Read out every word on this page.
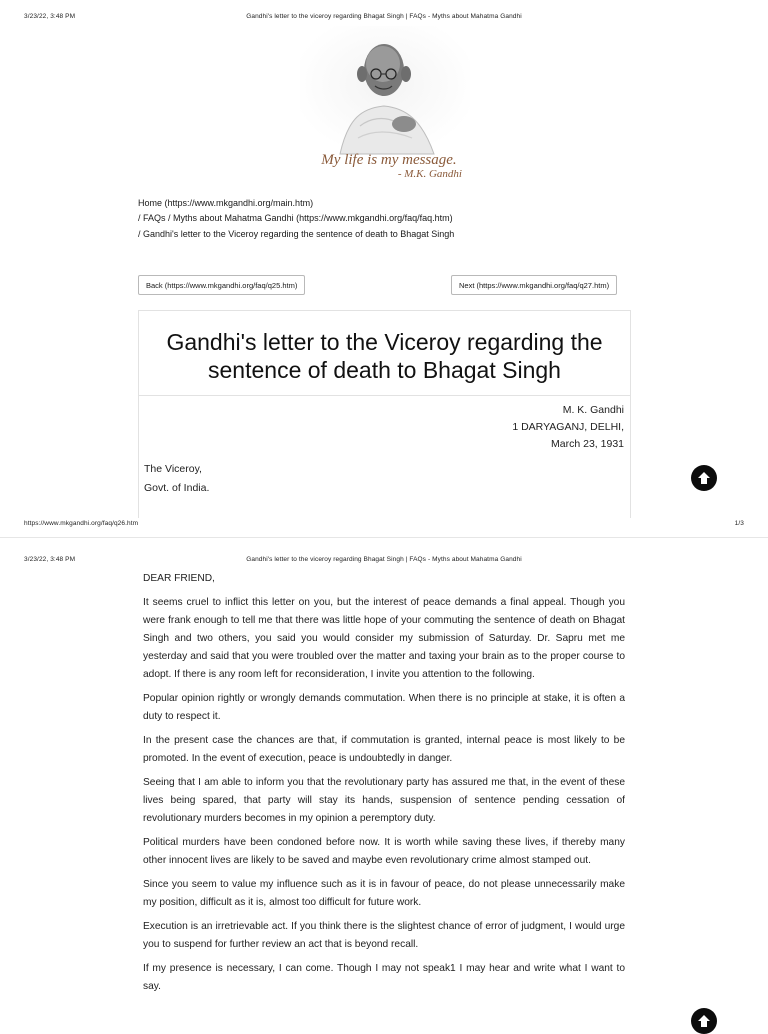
3/23/22, 3:48 PM	Gandhi's letter to the viceroy regarding Bhagat Singh | FAQs - Myths about Mahatma Gandhi
My life is my message.
- M.K. Gandhi
Home (https://www.mkgandhi.org/main.htm)
/ FAQs / Myths about Mahatma Gandhi (https://www.mkgandhi.org/faq/faq.htm)
/ Gandhi's letter to the Viceroy regarding the sentence of death to Bhagat Singh
Back (https://www.mkgandhi.org/faq/q25.htm)	Next (https://www.mkgandhi.org/faq/q27.htm)
Gandhi's letter to the Viceroy regarding the
sentence of death to Bhagat Singh
M. K. Gandhi
1 DARYAGANJ, DELHI,
March 23, 1931
The Viceroy,
Govt. of India.
https://www.mkgandhi.org/faq/q26.htm	1/3
3/23/22, 3:48 PM	Gandhi's letter to the viceroy regarding Bhagat Singh | FAQs - Myths about Mahatma Gandhi

DEAR FRIEND,

It seems cruel to inflict this letter on you, but the interest of peace demands a final appeal. Though you were frank enough to tell me that there was little hope of your commuting the sentence of death on Bhagat Singh and two others, you said you would consider my submission of Saturday. Dr. Sapru met me yesterday and said that you were troubled over the matter and taxing your brain as to the proper course to adopt. If there is any room left for reconsideration, I invite you attention to the following.

Popular opinion rightly or wrongly demands commutation. When there is no principle at stake, it is often a duty to respect it.

In the present case the chances are that, if commutation is granted, internal peace is most likely to be promoted. In the event of execution, peace is undoubtedly in danger.

Seeing that I am able to inform you that the revolutionary party has assured me that, in the event of these lives being spared, that party will stay its hands, suspension of sentence pending cessation of revolutionary murders becomes in my opinion a peremptory duty.

Political murders have been condoned before now. It is worth while saving these lives, if thereby many other innocent lives are likely to be saved and maybe even revolutionary crime almost stamped out.

Since you seem to value my influence such as it is in favour of peace, do not please unnecessarily make my position, difficult as it is, almost too difficult for future work.

Execution is an irretrievable act. If you think there is the slightest chance of error of judgment, I would urge you to suspend for further review an act that is beyond recall.

If my presence is necessary, I can come. Though I may not speak1 I may hear and write what I want to say.
